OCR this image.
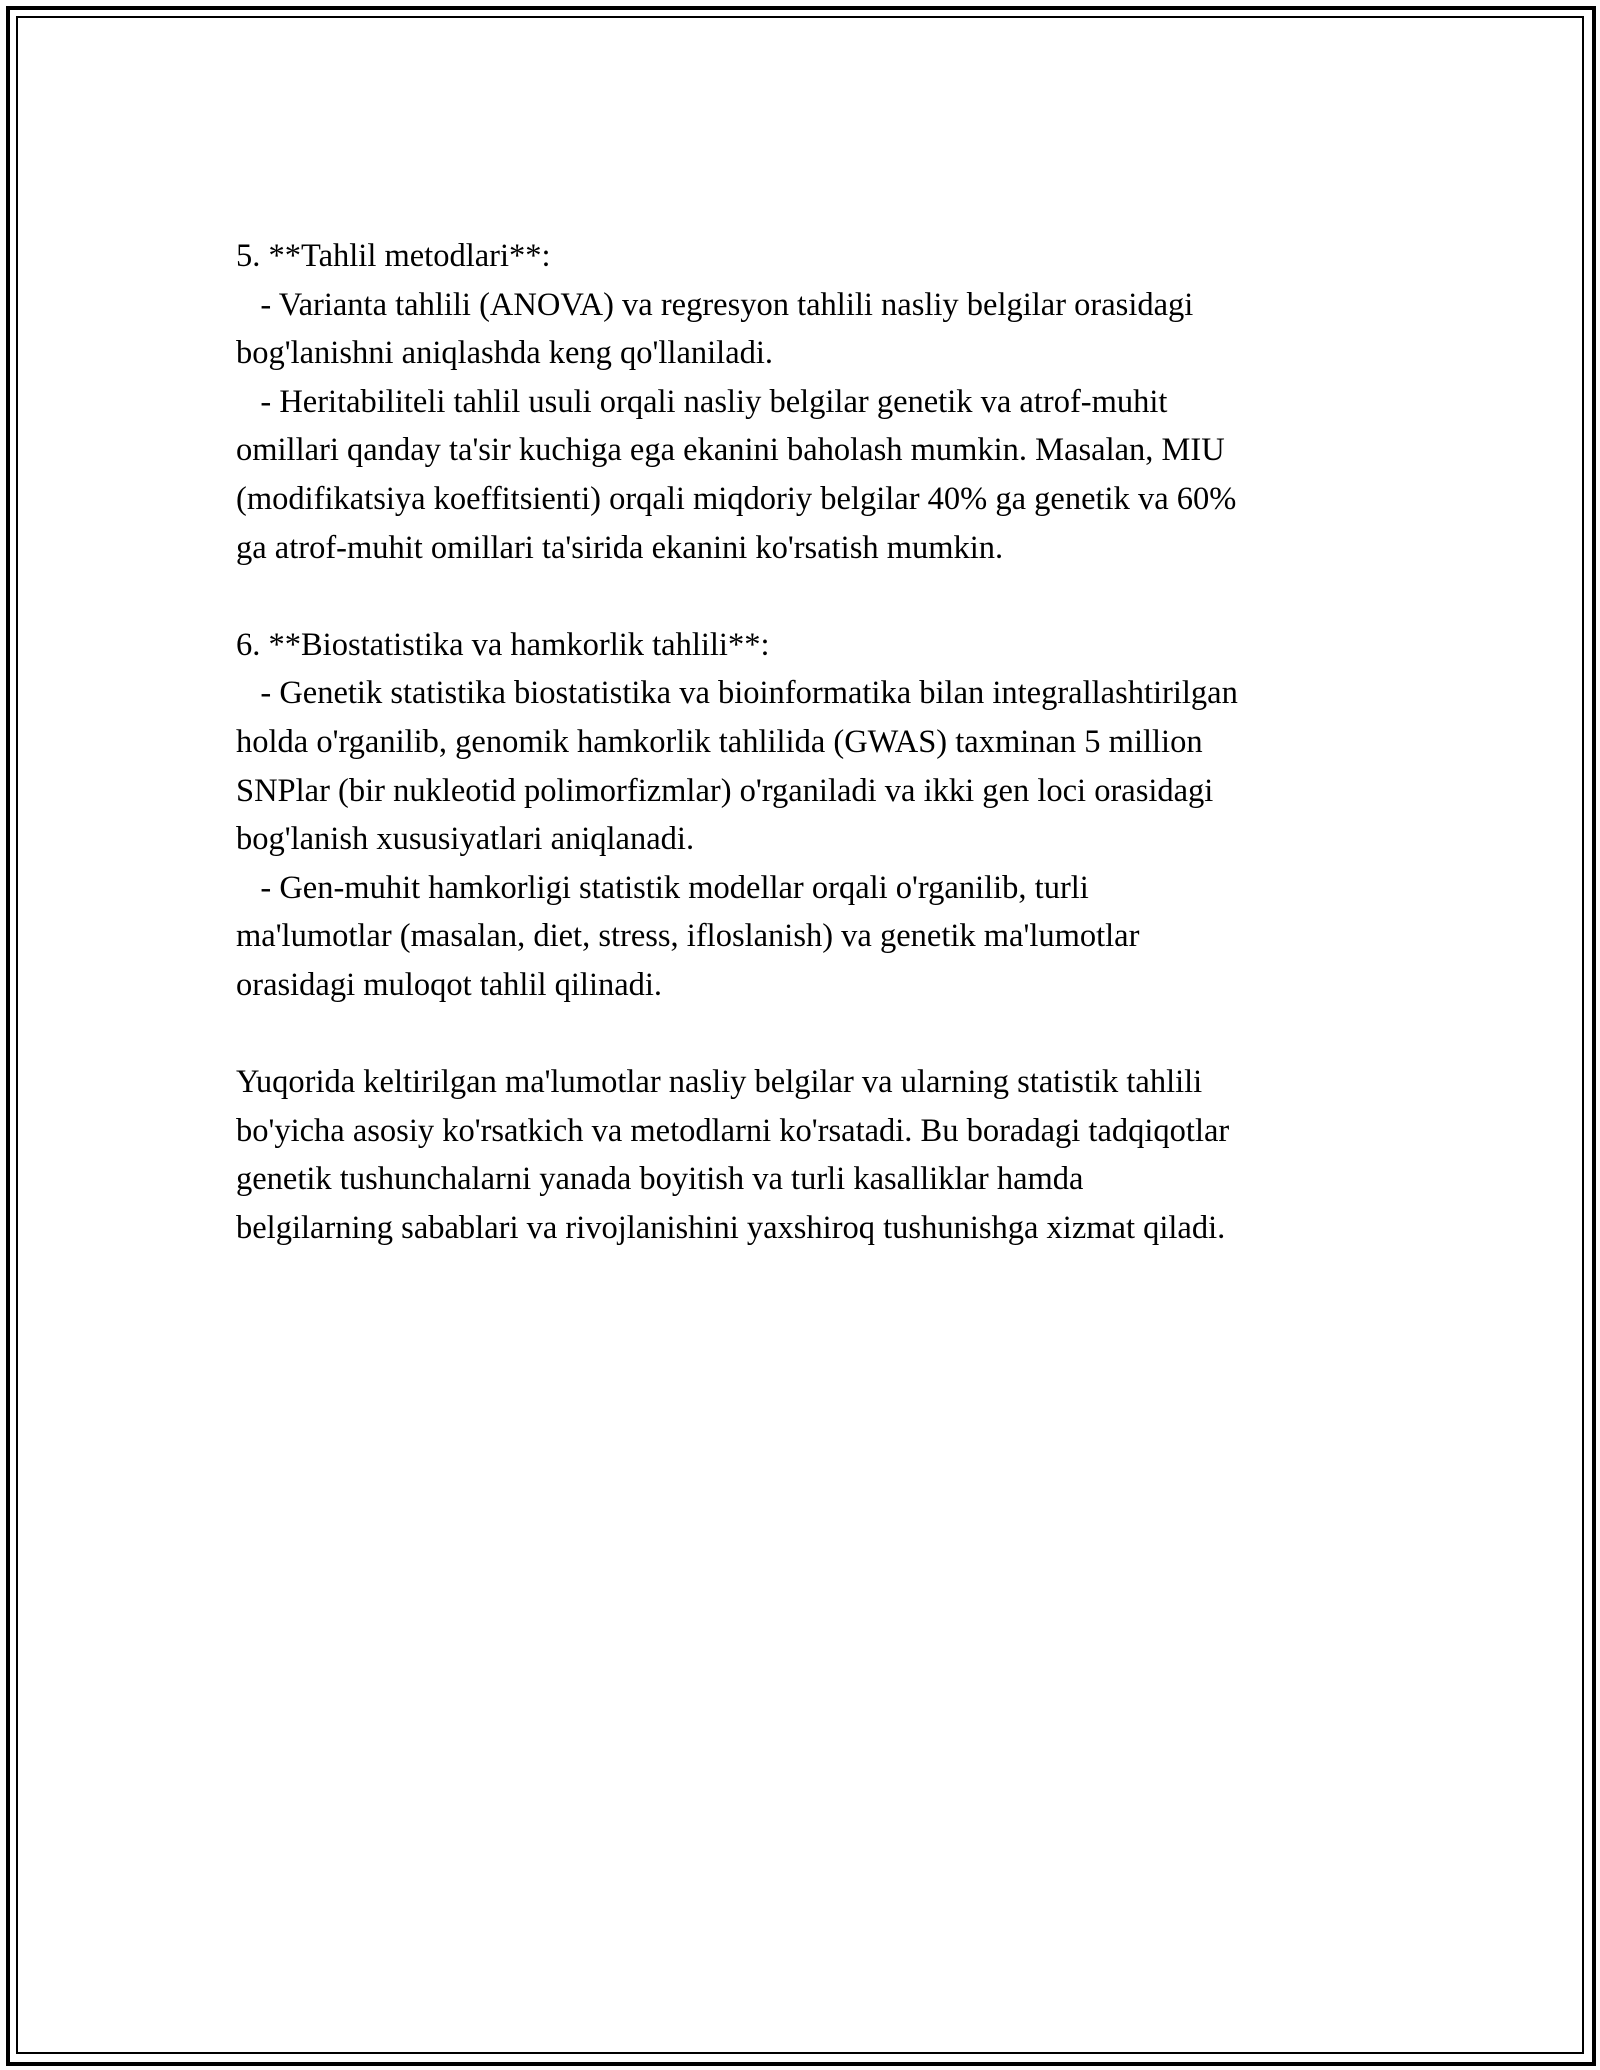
5. **Tahlil metodlari**:
- Varianta tahlili (ANOVA) va regresyon tahlili nasliy belgilar orasidagi
bog'lanishni aniqlashda keng qo'llaniladi.
- Heritabiliteli tahlil usuli orqali nasliy belgilar genetik va atrof-muhit
omillari qanday ta'sir kuchiga ega ekanini baholash mumkin. Masalan, MIU
(modifikatsiya koeffitsienti) orqali miqdoriy belgilar 40% ga genetik va 60%
ga atrof-muhit omillari ta'sirida ekanini ko'rsatish mumkin.
6. **Biostatistika va hamkorlik tahlili**:
- Genetik statistika biostatistika va bioinformatika bilan integrallashtirilgan
holda o'rganilib, genomik hamkorlik tahlilida (GWAS) taxminan 5 million
SNPlar (bir nukleotid polimorfizmlar) o'rganiladi va ikki gen loci orasidagi
bog'lanish xususiyatlari aniqlanadi.
- Gen-muhit hamkorligi statistik modellar orqali o'rganilib, turli
ma'lumotlar (masalan, diet, stress, ifloslanish) va genetik ma'lumotlar
orasidagi muloqot tahlil qilinadi.
Yuqorida keltirilgan ma'lumotlar nasliy belgilar va ularning statistik tahlili
bo'yicha asosiy ko'rsatkich va metodlarni ko'rsatadi. Bu boradagi tadqiqotlar
genetik tushunchalarni yanada boyitish va turli kasalliklar hamda
belgilarning sabablari va rivojlanishini yaxshiroq tushunishga xizmat qiladi.
